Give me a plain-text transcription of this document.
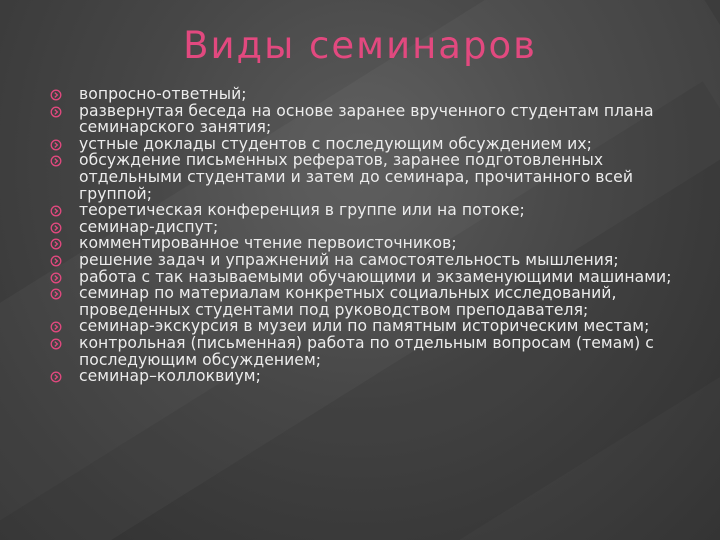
Виды семинаров
вопросно-ответный;
развернутая беседа на основе заранее врученного студентам плана семинарского занятия;
устные доклады студентов с последующим обсуждением их;
обсуждение письменных рефератов, заранее подготовленных отдельными студентами и затем до семинара, прочитанного всей группой;
теоретическая конференция в группе или на потоке;
семинар-диспут;
комментированное чтение первоисточников;
решение задач и упражнений на самостоятельность мышления;
работа с так называемыми обучающими и экзаменующими машинами;
семинар по материалам конкретных социальных исследований, проведенных студентами под руководством преподавателя;
семинар-экскурсия в музеи или по памятным историческим местам;
контрольная (письменная) работа по отдельным вопросам (темам) с последующим обсуждением;
семинар–коллоквиум;
